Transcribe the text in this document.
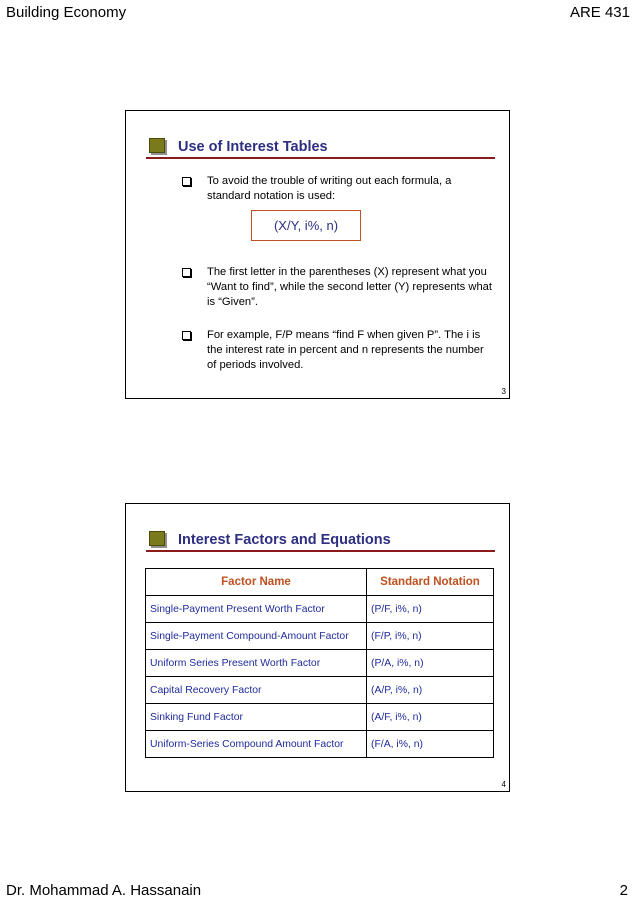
Building Economy	ARE 431
Use of Interest Tables
To avoid the trouble of writing out each formula, a standard notation is used:
(X/Y, i%, n)
The first letter in the parentheses (X) represent what you “Want to find”, while the second letter (Y) represents what is “Given”.
For example, F/P means “find F when given P”. The i is the interest rate in percent and n represents the number of periods involved.
3
Interest Factors and Equations
Factor Name	Standard Notation
Single-Payment Present Worth Factor	(P/F, i%, n)
Single-Payment Compound-Amount Factor	(F/P, i%, n)
Uniform Series Present Worth Factor	(P/A, i%, n)
Capital Recovery Factor	(A/P, i%, n)
Sinking Fund Factor	(A/F, i%, n)
Uniform-Series Compound Amount Factor	(F/A, i%, n)
4
Dr. Mohammad A. Hassanain	2
